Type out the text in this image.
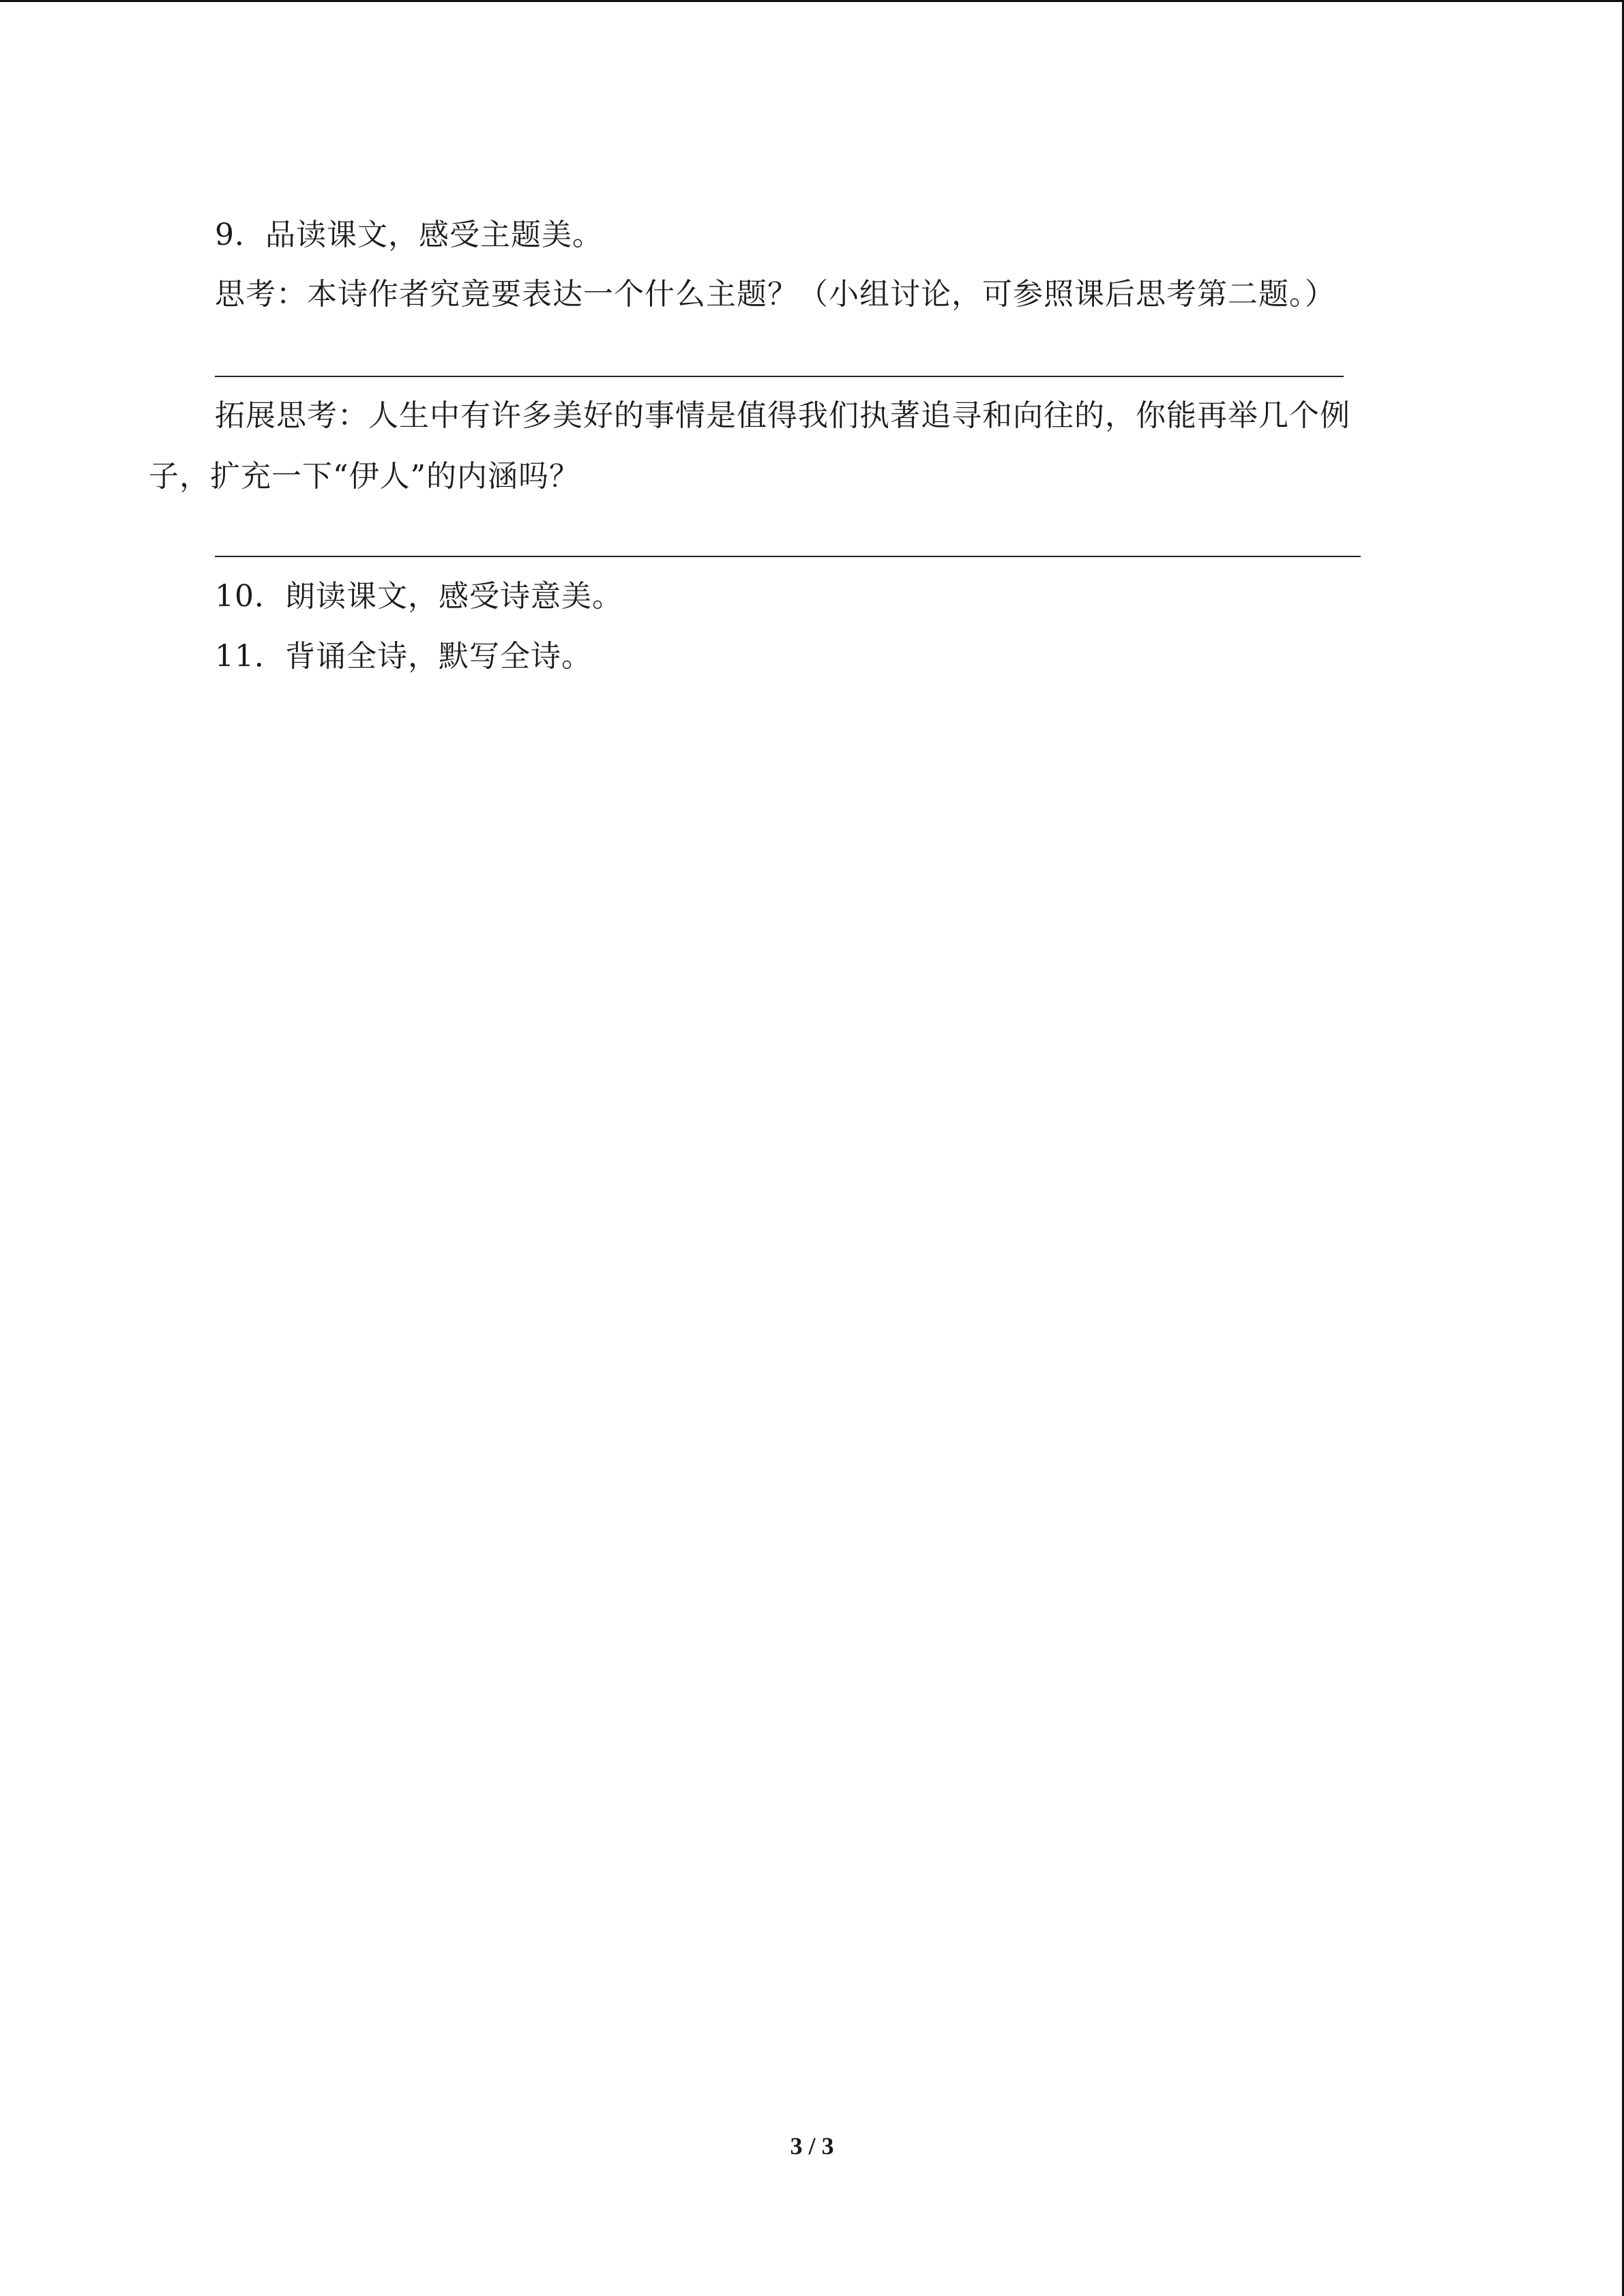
9．品读课文，感受主题美。
思考：本诗作者究竟要表达一个什么主题？（小组讨论，可参照课后思考第二题。）
拓展思考：人生中有许多美好的事情是值得我们执著追寻和向往的，你能再举几个例
子，扩充一下“伊人”的内涵吗？
10．朗读课文，感受诗意美。
11．背诵全诗，默写全诗。
3 / 3
